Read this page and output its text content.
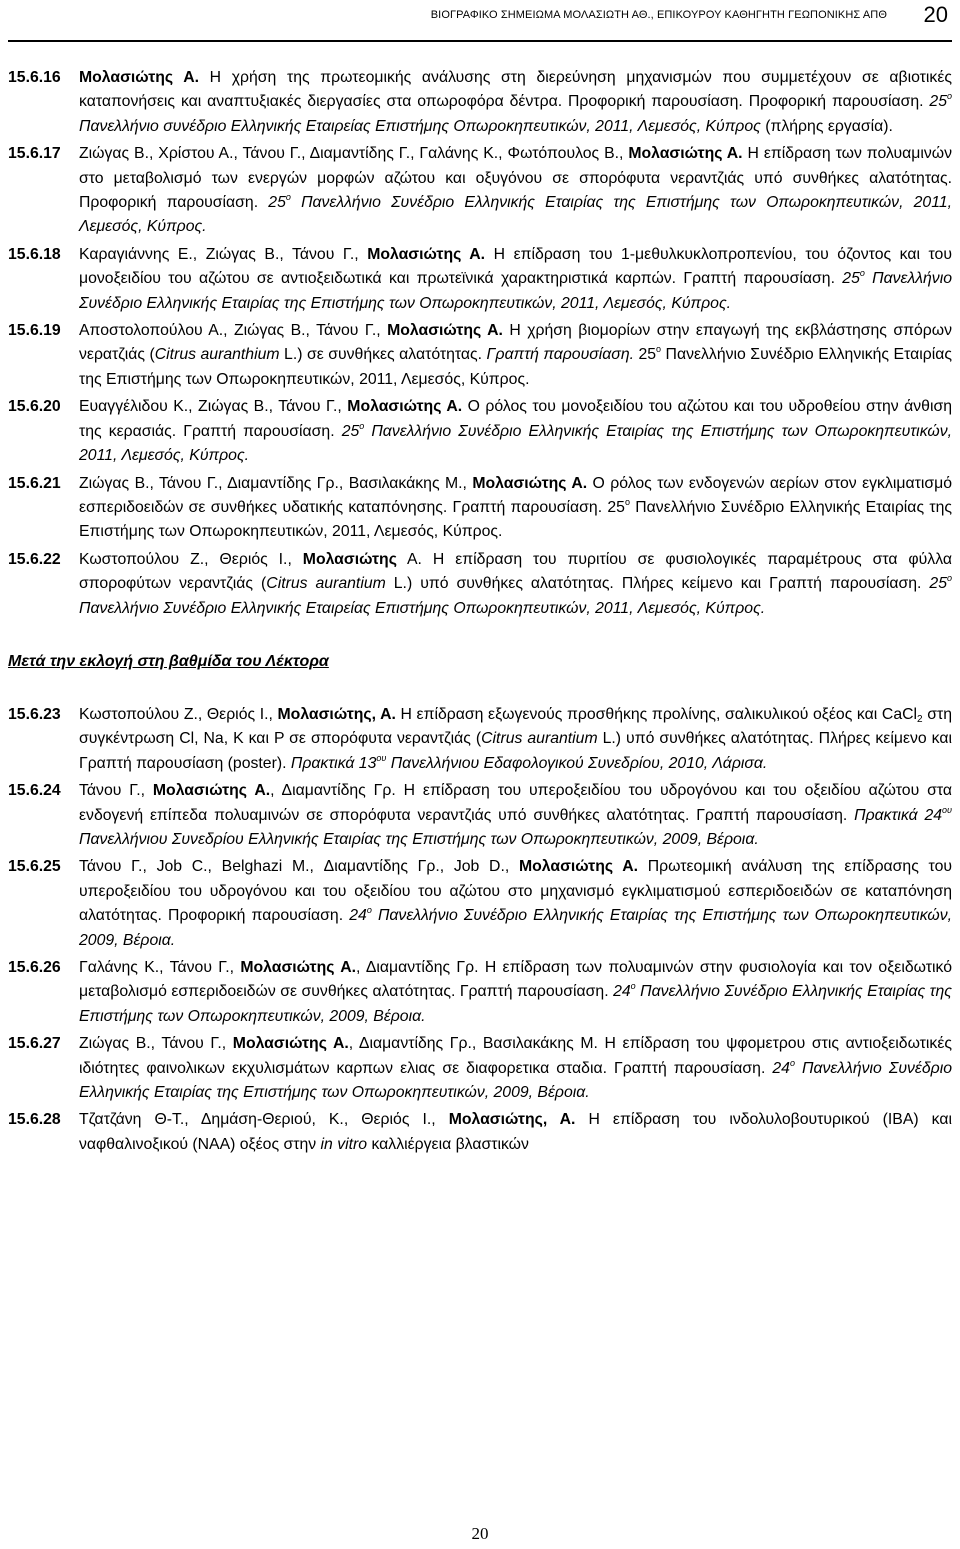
ΒΙΟΓΡΑΦΙΚΟ ΣΗΜΕΙΩΜΑ ΜΟΛΑΣΙΩΤΗ ΑΘ., ΕΠΙΚΟΥΡΟΥ ΚΑΘΗΓΗΤΗ ΓΕΩΠΟΝΙΚΗΣ ΑΠΘ 20
15.6.16 Μολασιώτης Α. Η χρήση της πρωτεομικής ανάλυσης στη διερεύνηση μηχανισμών που συμμετέχουν σε αβιοτικές καταπονήσεις και αναπτυξιακές διεργασίες στα οπωροφόρα δέντρα. Προφορική παρουσίαση. Προφορική παρουσίαση. $25^o$ Πανελλήνιο συνέδριο Ελληνικής Εταιρείας Επιστήμης Οπωροκηπευτικών, 2011, Λεμεσός, Κύπρος (πλήρης εργασία).
15.6.17 Ζιώγας Β., Χρίστου Α., Τάνου Γ., Διαμαντίδης Γ., Γαλάνης Κ., Φωτόπουλος Β., Μολασιώτης Α. Η επίδραση των πολυαμινών στο μεταβολισμό των ενεργών μορφών αζώτου και οξυγόνου σε σπορόφυτα νεραντζιάς υπό συνθήκες αλατότητας. Προφορική παρουσίαση. $25^o$ Πανελλήνιο Συνέδριο Ελληνικής Εταιρίας της Επιστήμης των Οπωροκηπευτικών, 2011, Λεμεσός, Κύπρος.
15.6.18 Καραγιάννης Ε., Ζιώγας Β., Τάνου Γ., Μολασιώτης Α. Η επίδραση του 1-μεθυλκυκλοπροπενίου, του όζοντος και του μονοξειδίου του αζώτου σε αντιοξειδωτικά και πρωτεϊνικά χαρακτηριστικά καρπών. Γραπτή παρουσίαση. $25^o$ Πανελλήνιο Συνέδριο Ελληνικής Εταιρίας της Επιστήμης των Οπωροκηπευτικών, 2011, Λεμεσός, Κύπρος.
15.6.19 Αποστολοπούλου Α., Ζιώγας Β., Τάνου Γ., Μολασιώτης Α. Η χρήση βιομορίων στην επαγωγή της εκβλάστησης σπόρων νερατζιάς (Citrus auranthium L.) σε συνθήκες αλατότητας. Γραπτή παρουσίαση. $25^o$ Πανελλήνιο Συνέδριο Ελληνικής Εταιρίας της Επιστήμης των Οπωροκηπευτικών, 2011, Λεμεσός, Κύπρος.
15.6.20 Ευαγγέλιδου Κ., Ζιώγας Β., Τάνου Γ., Μολασιώτης Α. Ο ρόλος του μονοξειδίου του αζώτου και του υδροθείου στην άνθιση της κερασιάς. Γραπτή παρουσίαση. $25^o$ Πανελλήνιο Συνέδριο Ελληνικής Εταιρίας της Επιστήμης των Οπωροκηπευτικών, 2011, Λεμεσός, Κύπρος.
15.6.21 Ζιώγας Β., Τάνου Γ., Διαμαντίδης Γρ., Βασιλακάκης Μ., Μολασιώτης Α. Ο ρόλος των ενδογενών αερίων στον εγκλιματισμό εσπεριδοειδών σε συνθήκες υδατικής καταπόνησης. Γραπτή παρουσίαση. $25^o$ Πανελλήνιο Συνέδριο Ελληνικής Εταιρίας της Επιστήμης των Οπωροκηπευτικών, 2011, Λεμεσός, Κύπρος.
15.6.22 Κωστοπούλου Ζ., Θεριός Ι., Μολασιώτης Α. Η επίδραση του πυριτίου σε φυσιολογικές παραμέτρους στα φύλλα σποροφύτων νεραντζιάς (Citrus aurantium L.) υπό συνθήκες αλατότητας. Πλήρες κείμενο και Γραπτή παρουσίαση. $25^o$ Πανελλήνιο Συνέδριο Ελληνικής Εταιρείας Επιστήμης Οπωροκηπευτικών, 2011, Λεμεσός, Κύπρος.
Μετά την εκλογή στη βαθμίδα του Λέκτορα
15.6.23 Κωστοπούλου Ζ., Θεριός Ι., Μολασιώτης, Α. Η επίδραση εξωγενούς προσθήκης προλίνης, σαλικυλικού οξέος και CaCl$_2$ στη συγκέντρωση Cl, Na, K και P σε σπορόφυτα νεραντζιάς (Citrus aurantium L.) υπό συνθήκες αλατότητας. Πλήρες κείμενο και Γραπτή παρουσίαση (poster). Πρακτικά $13^{o\upsilon}$ Πανελλήνιου Εδαφολογικού Συνεδρίου, 2010, Λάρισα.
15.6.24 Τάνου Γ., Μολασιώτης Α., Διαμαντίδης Γρ. Η επίδραση του υπεροξειδίου του υδρογόνου και του οξειδίου αζώτου στα ενδογενή επίπεδα πολυαμινών σε σπορόφυτα νεραντζιάς υπό συνθήκες αλατότητας. Γραπτή παρουσίαση. Πρακτικά $24^{o\upsilon}$ Πανελλήνιου Συνεδρίου Ελληνικής Εταιρίας της Επιστήμης των Οπωροκηπευτικών, 2009, Βέροια.
15.6.25 Τάνου Γ., Job C., Belghazi M., Διαμαντίδης Γρ., Job D., Μολασιώτης Α. Πρωτεομική ανάλυση της επίδρασης του υπεροξειδίου του υδρογόνου και του οξειδίου του αζώτου στο μηχανισμό εγκλιματισμού εσπεριδοειδών σε καταπόνηση αλατότητας. Προφορική παρουσίαση. $24^o$ Πανελλήνιο Συνέδριο Ελληνικής Εταιρίας της Επιστήμης των Οπωροκηπευτικών, 2009, Βέροια.
15.6.26 Γαλάνης Κ., Τάνου Γ., Μολασιώτης Α., Διαμαντίδης Γρ. Η επίδραση των πολυαμινών στην φυσιολογία και τον οξειδωτικό μεταβολισμό εσπεριδοειδών σε συνθήκες αλατότητας. Γραπτή παρουσίαση. $24^o$ Πανελλήνιο Συνέδριο Ελληνικής Εταιρίας της Επιστήμης των Οπωροκηπευτικών, 2009, Βέροια.
15.6.27 Ζιώγας Β., Τάνου Γ., Μολασιώτης Α., Διαμαντίδης Γρ., Βασιλακάκης Μ. Η επίδραση του ψφομετρου στις αντιοξειδωτικές ιδιότητες φαινολικων εκχυλισμάτων καρπων ελιας σε διαφορετικα σταδια. Γραπτή παρουσίαση. $24^o$ Πανελλήνιο Συνέδριο Ελληνικής Εταιρίας της Επιστήμης των Οπωροκηπευτικών, 2009, Βέροια.
15.6.28 Τζατζάνη Θ-Τ., Δημάση-Θεριού, Κ., Θεριός Ι., Μολασιώτης, Α. Η επίδραση του ινδολυλοβουτυρικού (IBA) και ναφθαλινοξικού (NAA) οξέος στην in vitro καλλιέργεια βλαστικών
20
